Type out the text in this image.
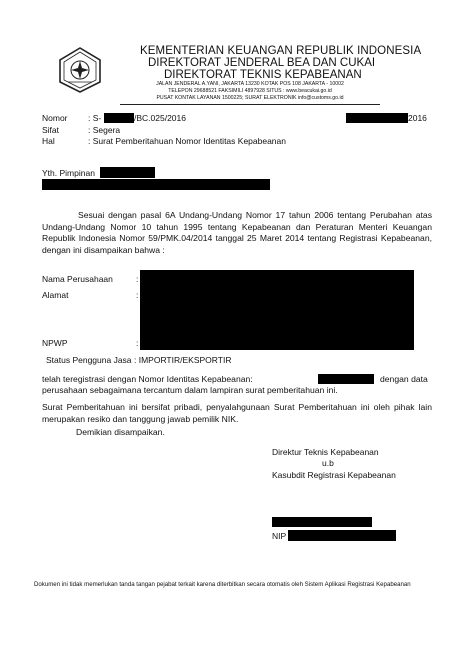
KEMENTERIAN KEUANGAN REPUBLIK INDONESIA
DIREKTORAT JENDERAL BEA DAN CUKAI
DIREKTORAT TEKNIS KEPABEANAN
JALAN JENDERAL A.YANI, JAKARTA 13230 KOTAK POS 108 JAKARTA - 10002
TELEPON 29688521 FAKSIMILI 4897928 SITUS : www.beacukai.go.id
PUSAT KONTAK LAYANAN 1500225; SURAT ELEKTRONIK info@customs.go.id
Nomor : S-	/BC.025/2016	2016
Sifat	: Segera
Hal	: Surat Pemberitahuan Nomor Identitas Kepabeanan
Yth. Pimpinan
Sesuai dengan pasal 6A Undang-Undang Nomor 17 tahun 2006 tentang Perubahan atas Undang-Undang Nomor 10 tahun 1995 tentang Kepabeanan dan Peraturan Menteri Keuangan Republik Indonesia Nomor 59/PMK.04/2014 tanggal 25 Maret 2014 tentang Registrasi Kepabeanan, dengan ini disampaikan bahwa :
Nama Perusahaan	:
Alamat	:
NPWP	:
Status Pengguna Jasa : IMPORTIR/EKSPORTIR
telah teregistrasi dengan Nomor Identitas Kepabeanan:	dengan data
perusahaan sebagaimana tercantum dalam lampiran surat pemberitahuan ini.
Surat Pemberitahuan ini bersifat pribadi, penyalahgunaan Surat Pemberitahuan ini oleh pihak lain merupakan resiko dan tanggung jawab pemilik NIK.
Demikian disampaikan.
Direktur Teknis Kepabeanan
u.b
Kasubdit Registrasi Kepabeanan
NIP
Dokumen ini tidak memerlukan tanda tangan pejabat terkait karena diterbitkan secara otomatis oleh Sistem Aplikasi Registrasi Kepabeanan
